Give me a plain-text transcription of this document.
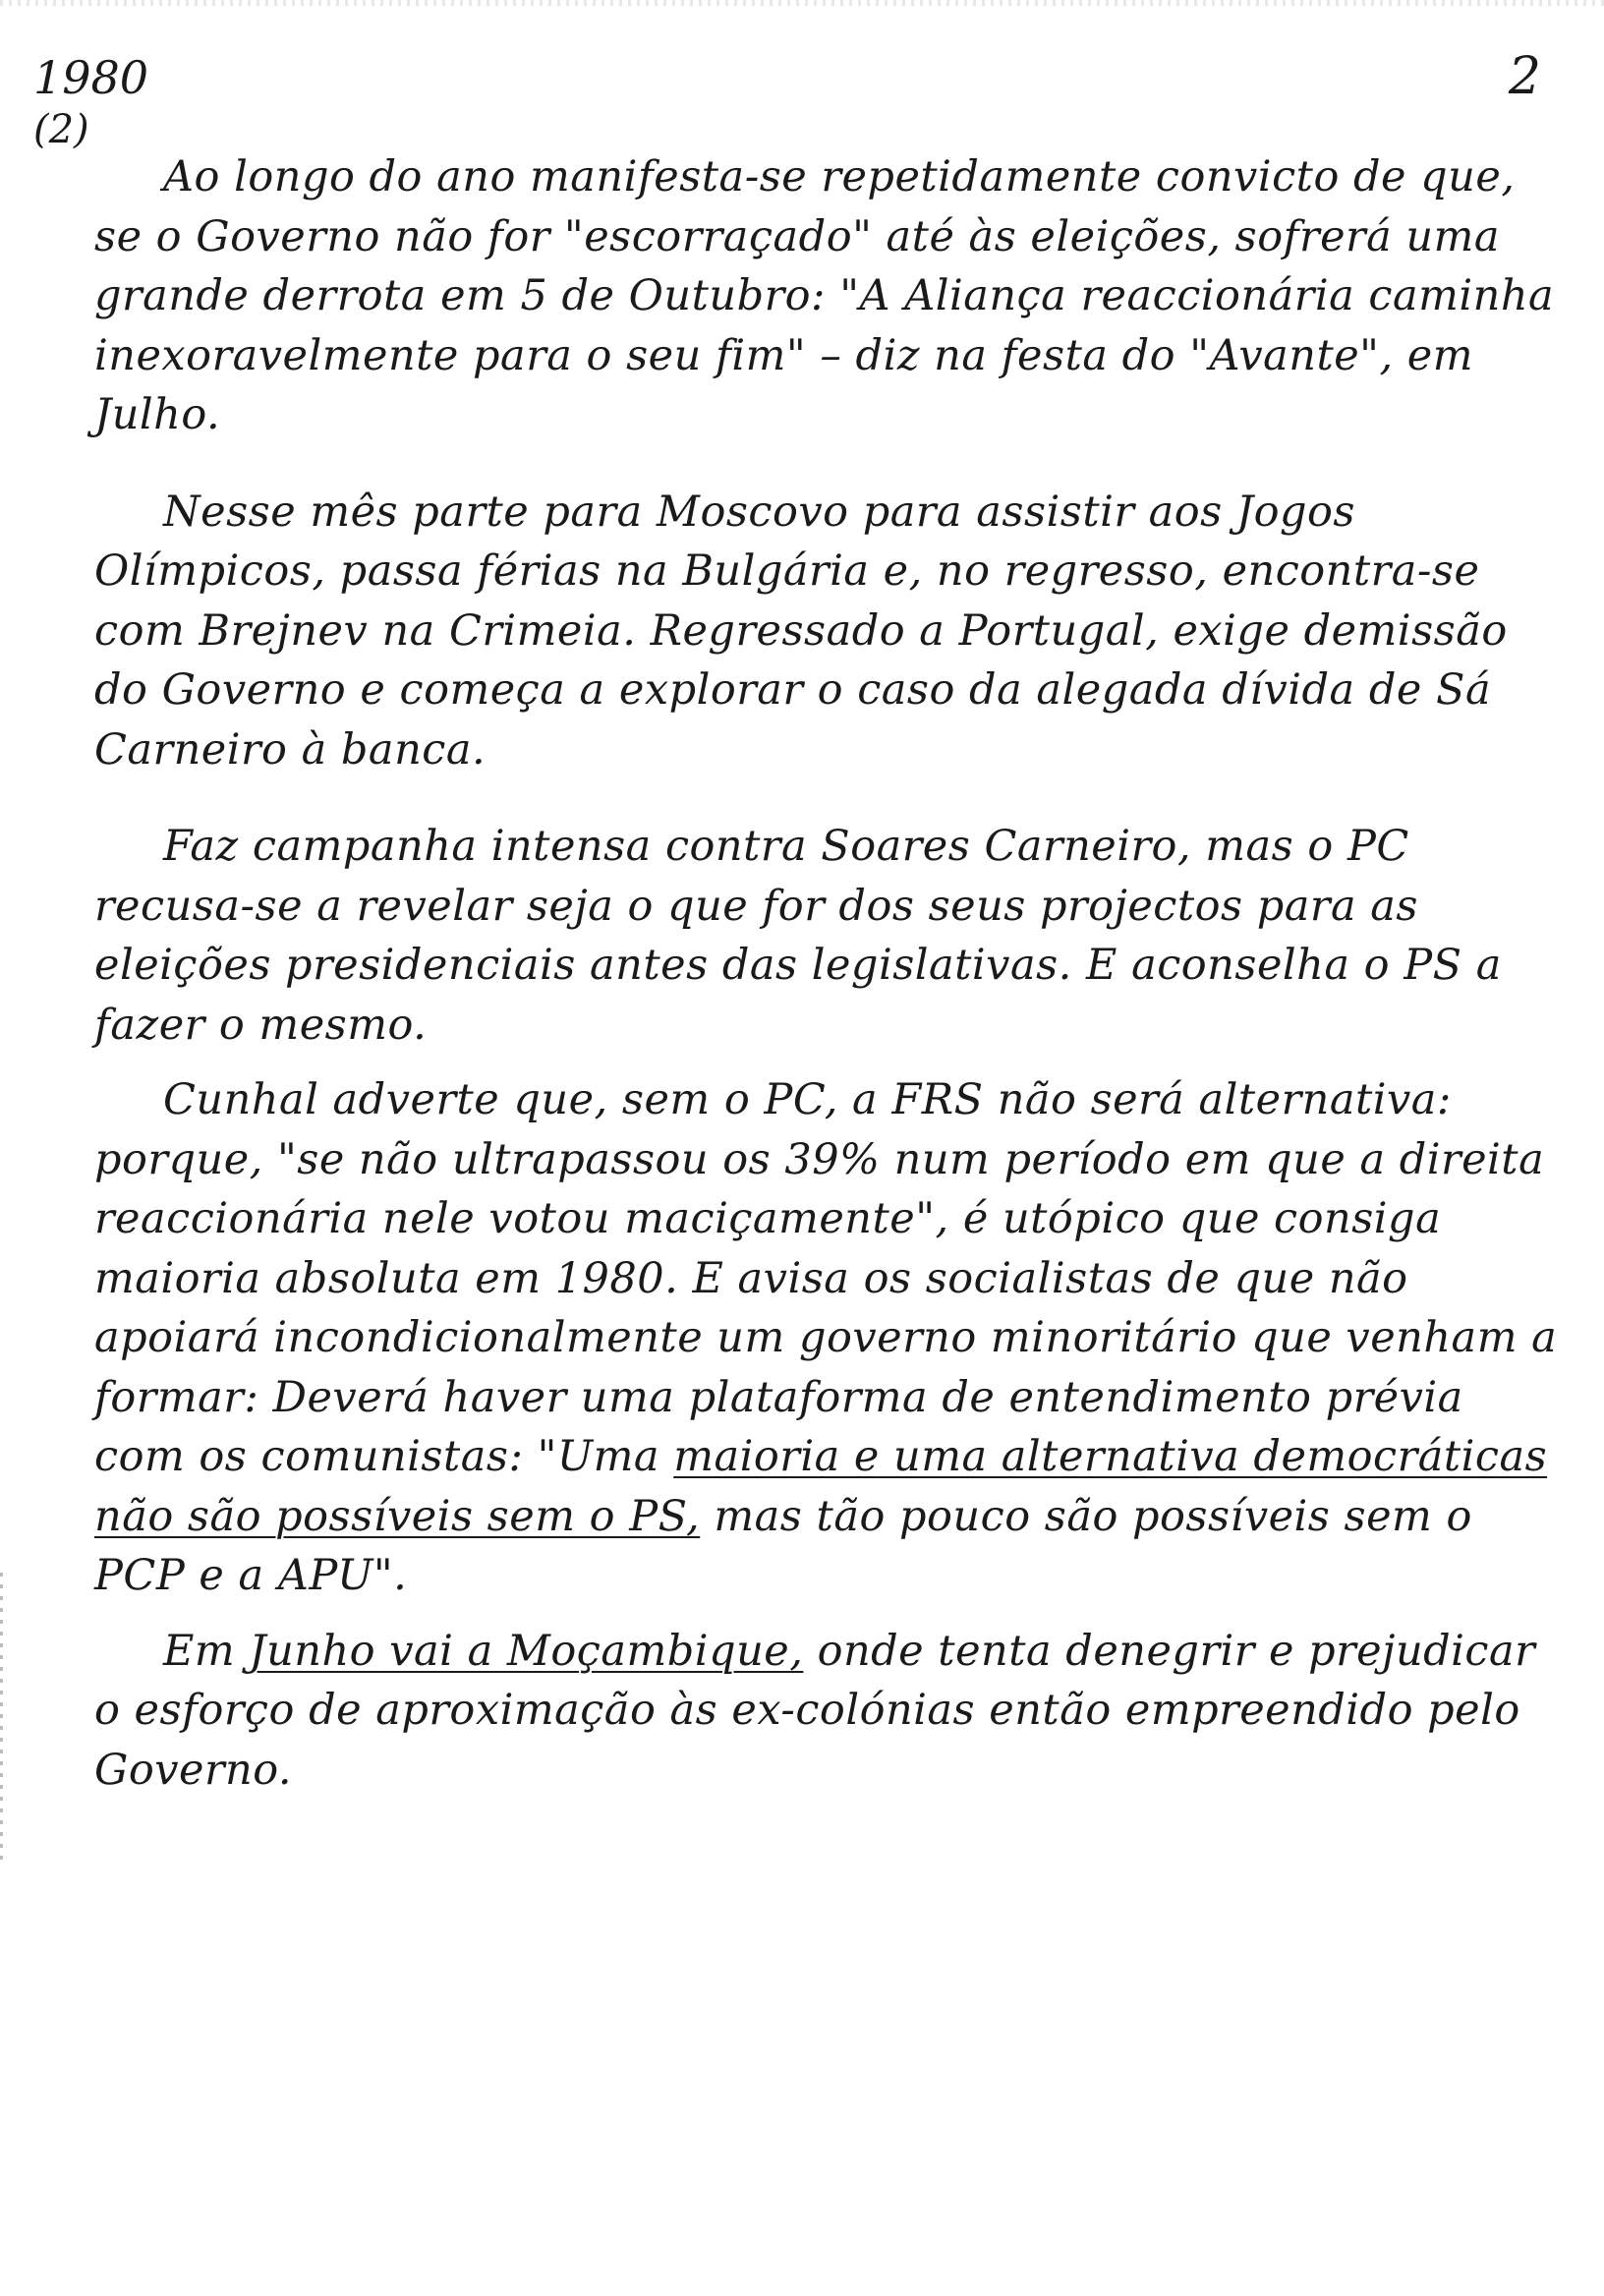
1980
(2)
2

Ao longo do ano manifesta-se repetidamente convicto de que, se o Governo não for "escorraçado" até às eleições, sofrerá uma grande derrota em 5 de Outubro: "A Aliança reaccionária caminha inexoravelmente para o seu fim" – diz na festa do "Avante", em Julho.

Nesse mês parte para Moscovo para assistir aos Jogos Olímpicos, passa férias na Bulgária e, no regresso, encontra-se com Brejnev na Crimeia. Regressado a Portugal, exige demissão do Governo e começa a explorar o caso da alegada dívida de Sá Carneiro à banca.

Faz campanha intensa contra Soares Carneiro, mas o PC recusa-se a revelar seja o que for dos seus projectos para as eleições presidenciais antes das legislativas. E aconselha o PS a fazer o mesmo.

Cunhal adverte que, sem o PC, a FRS não será alternativa: porque, "se não ultrapassou os 39% num período em que a direita reaccionária nele votou maciçamente", é utópico que consiga maioria absoluta em 1980. E avisa os socialistas de que não apoiará incondicionalmente um governo minoritário que venham a formar: Deverá haver uma plataforma de entendimento prévia com os comunistas: "Uma maioria e uma alternativa democráticas não são possíveis sem o PS, mas tão pouco são possíveis sem o PCP e a APU".

Em Junho vai a Moçambique, onde tenta denegrir e prejudicar o esforço de aproximação às ex-colónias então empreendido pelo Governo.
